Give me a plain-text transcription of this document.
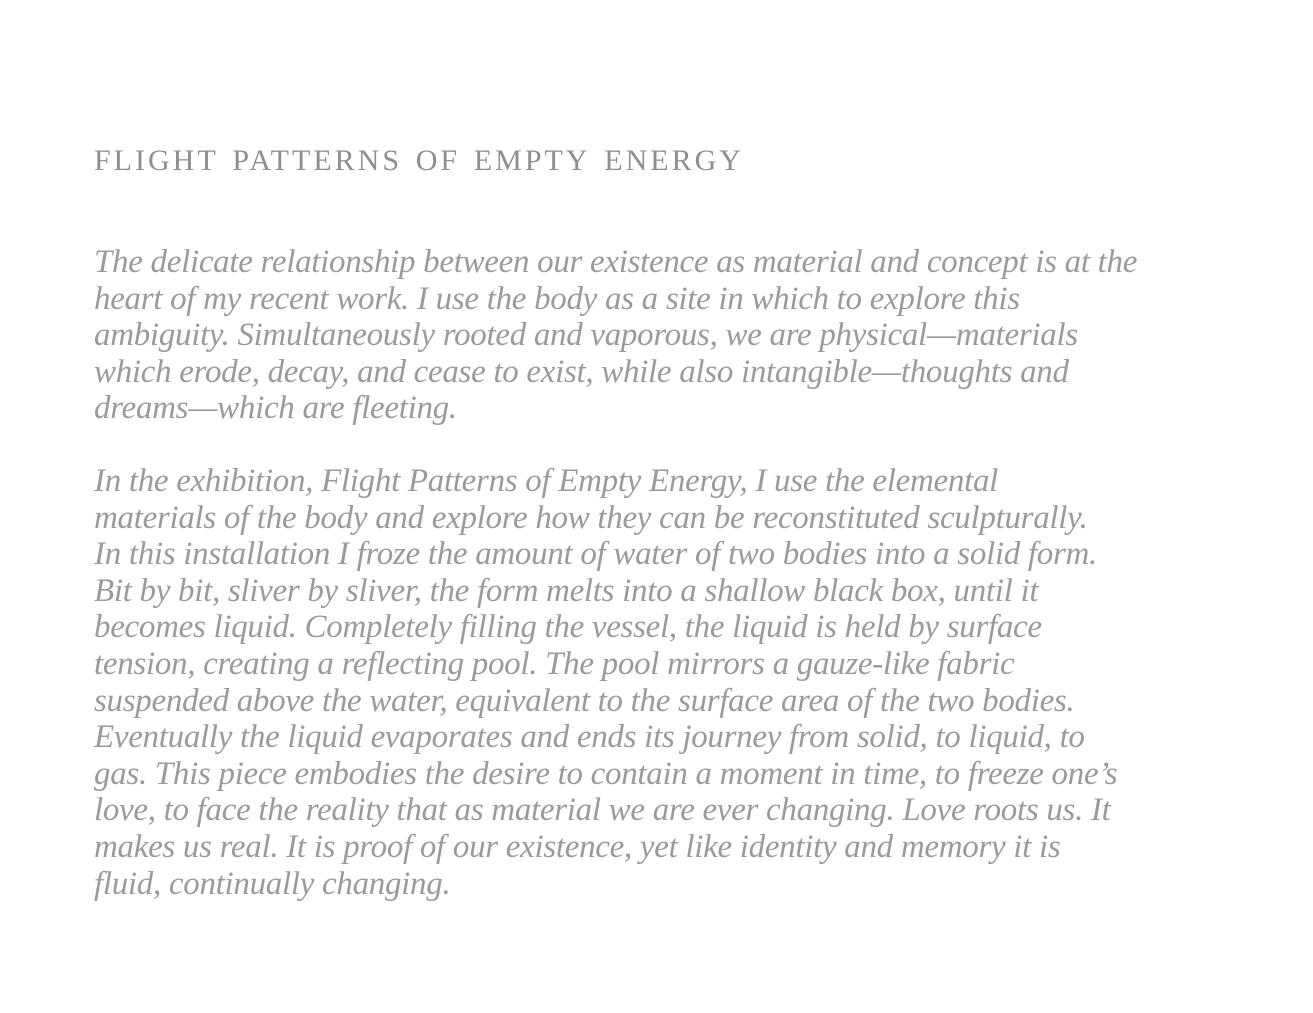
flight patterns of empty energy

The delicate relationship between our existence as material and concept is at the
heart of my recent work. I use the body as a site in which to explore this
ambiguity. Simultaneously rooted and vaporous, we are physical—materials
which erode, decay, and cease to exist, while also intangible—thoughts and
dreams—which are fleeting.

In the exhibition, Flight Patterns of Empty Energy, I use the elemental
materials of the body and explore how they can be reconstituted sculpturally.
In this installation I froze the amount of water of two bodies into a solid form.
Bit by bit, sliver by sliver, the form melts into a shallow black box, until it
becomes liquid. Completely filling the vessel, the liquid is held by surface
tension, creating a reflecting pool. The pool mirrors a gauze-like fabric
suspended above the water, equivalent to the surface area of the two bodies.
Eventually the liquid evaporates and ends its journey from solid, to liquid, to
gas. This piece embodies the desire to contain a moment in time, to freeze one’s
love, to face the reality that as material we are ever changing. Love roots us. It
makes us real. It is proof of our existence, yet like identity and memory it is
fluid, continually changing.
